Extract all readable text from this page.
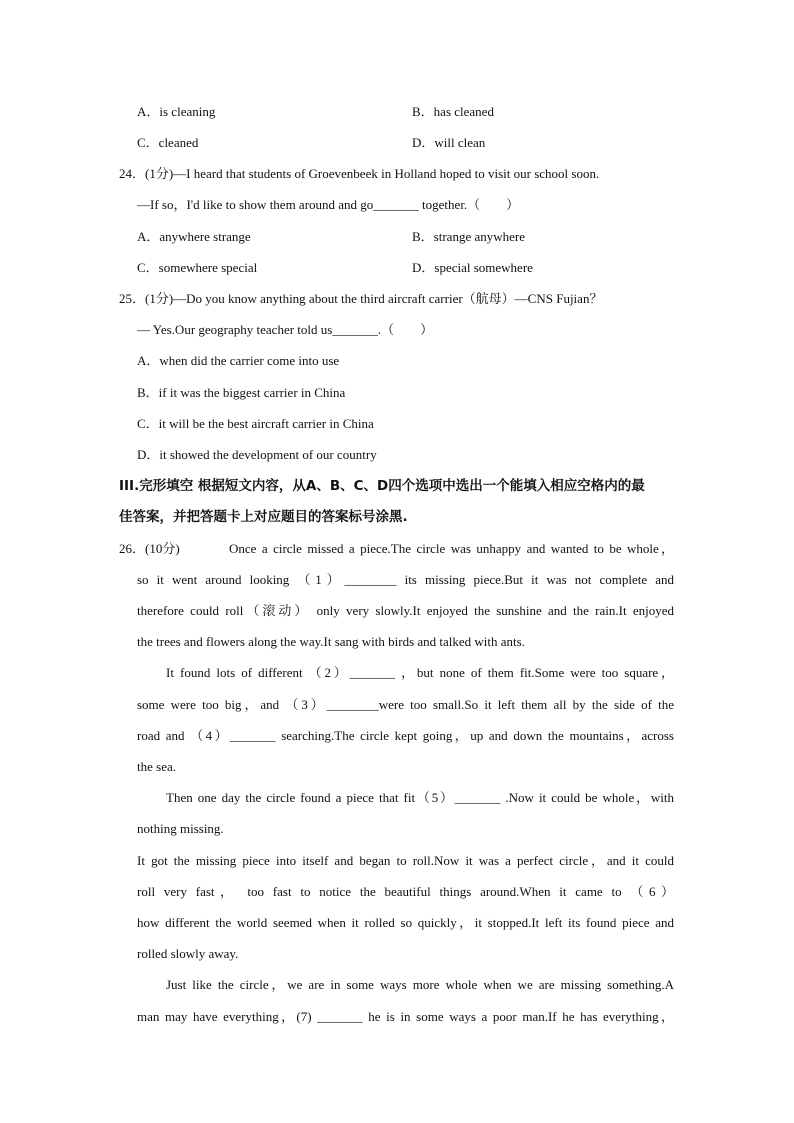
A．is cleaning	B．has cleaned
C．cleaned	D．will clean
24．(1分)—I heard that students of Groevenbeek in Holland hoped to visit our school soon.
—If so，I'd like to show them around and go_______ together.（　　）
A．anywhere strange	B．strange anywhere
C．somewhere special	D．special somewhere
25．(1分)—Do you know anything about the third aircraft carrier（航母）—CNS Fujian？
— Yes.Our geography teacher told us_______.（　　）
A．when did the carrier come into use
B．if it was the biggest carrier in China
C．it will be the best aircraft carrier in China
D．it showed the development of our country
III.完形填空 根据短文内容，从A、B、C、D四个选项中选出一个能填入相应空格内的最
佳答案，并把答题卡上对应题目的答案标号涂黑.
26．(10分)	Once a circle missed a piece.The circle was unhappy and wanted to be whole，
so it went around looking （1）________ its missing piece.But it was not complete and
therefore could roll（滚动） only very slowly.It enjoyed the sunshine and the rain.It enjoyed
the trees and flowers along the way.It sang with birds and talked with ants.
It found lots of different （2）_______ ，but none of them fit.Some were too square，
some were too big，and （3）________were too small.So it left them all by the side of the
road and （4）_______ searching.The circle kept going，up and down the mountains，across
the sea.
Then one day the circle found a piece that fit（5）_______ .Now it could be whole，with
nothing missing.
It got the missing piece into itself and began to roll.Now it was a perfect circle，and it could
roll very fast， too fast to notice the beautiful things around.When it came to （6）
how different the world seemed when it rolled so quickly，it stopped.It left its found piece and
rolled slowly away.
Just like the circle，we are in some ways more whole when we are missing something.A
man may have everything，(7) _______ he is in some ways a poor man.If he has everything，
